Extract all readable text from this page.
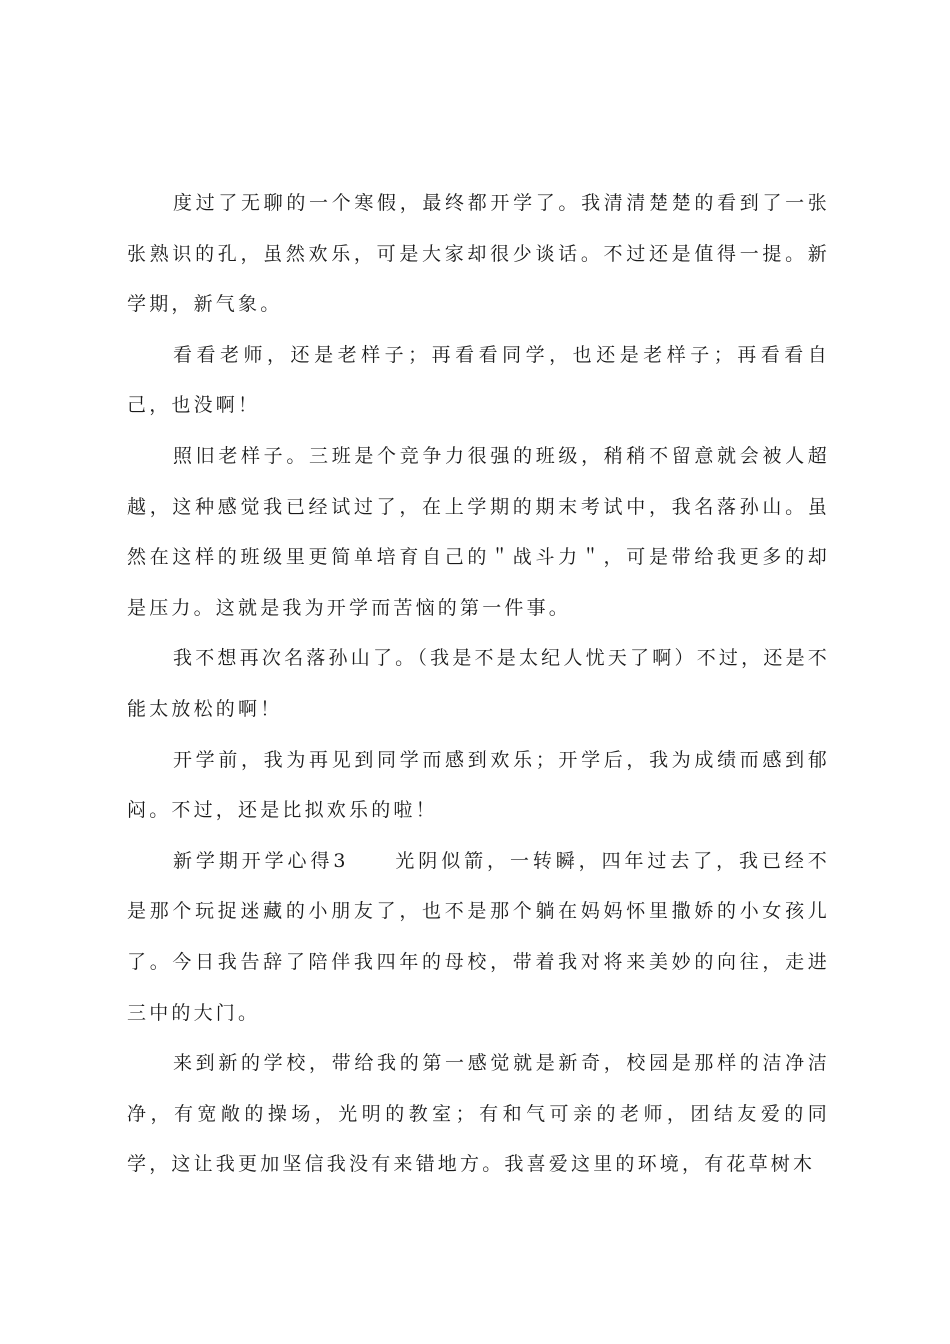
度过了无聊的一个寒假，最终都开学了。我清清楚楚的看到了一张张熟识的孔，虽然欢乐，可是大家却很少谈话。不过还是值得一提。新学期，新气象。

看看老师，还是老样子；再看看同学，也还是老样子；再看看自己，也没啊！

照旧老样子。三班是个竞争力很强的班级，稍稍不留意就会被人超越，这种感觉我已经试过了，在上学期的期末考试中，我名落孙山。虽然在这样的班级里更简单培育自己的＂战斗力＂，可是带给我更多的却是压力。这就是我为开学而苦恼的第一件事。

我不想再次名落孙山了。（我是不是太纪人忧天了啊）不过，还是不能太放松的啊！

开学前，我为再见到同学而感到欢乐；开学后，我为成绩而感到郁闷。不过，还是比拟欢乐的啦！

新学期开学心得3 光阴似箭，一转瞬，四年过去了，我已经不是那个玩捉迷藏的小朋友了，也不是那个躺在妈妈怀里撒娇的小女孩儿了。今日我告辞了陪伴我四年的母校，带着我对将来美妙的向往，走进三中的大门。

来到新的学校，带给我的第一感觉就是新奇，校园是那样的洁净洁净，有宽敞的操场，光明的教室；有和气可亲的老师，团结友爱的同学，这让我更加坚信我没有来错地方。我喜爱这里的环境，有花草树木
